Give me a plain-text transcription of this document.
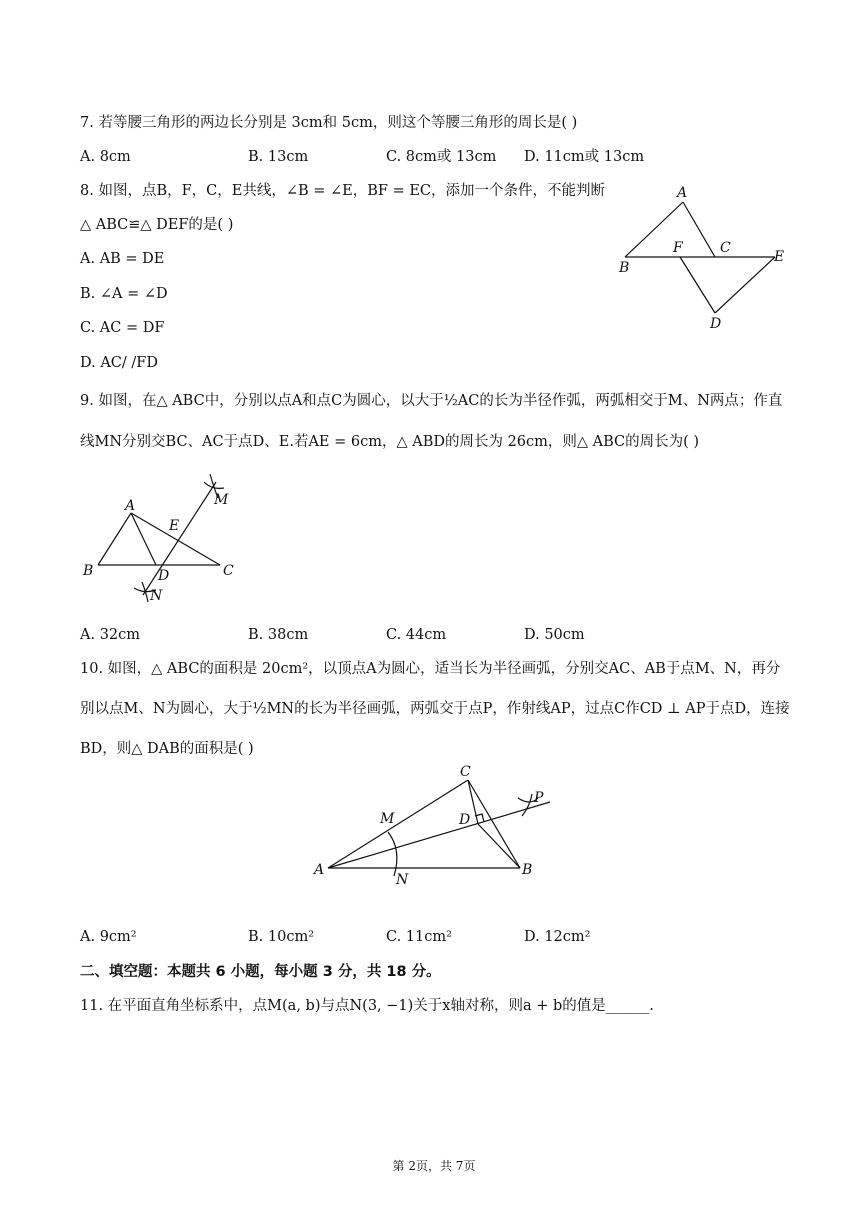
7. 若等腰三角形的两边长分别是 3cm和 5cm，则这个等腰三角形的周长是( )
A. 8cm	B. 13cm	C. 8cm或 13cm D. 11cm或 13cm
8. 如图，点B，F，C，E共线，∠B = ∠E，BF = EC，添加一个条件，不能判断
△ ABC≌△ DEF的是( )
A. AB = DE
B. ∠A = ∠D
C. AC = DF
D. AC/ /FD
A
B
F	C
E
D
9. 如图，在△ ABC中，分别以点A和点C为圆心，以大于½AC的长为半径作弧，两弧相交于M、N两点；作直
线MN分别交BC、AC于点D、E.若AE = 6cm，△ ABD的周长为 26cm，则△ ABC的周长为( )
A	M
E
B	D	C
N
A. 32cm	B. 38cm	C. 44cm	D. 50cm
10. 如图，△ ABC的面积是 20cm²，以顶点A为圆心，适当长为半径画弧，分别交AC、AB于点M、N，再分
别以点M、N为圆心，大于½MN的长为半径画弧，两弧交于点P，作射线AP，过点C作CD ⊥ AP于点D，连接
BD，则△ DAB的面积是( )
C
P
M	D
A
N
B
A. 9cm²	B. 10cm²	C. 11cm²	D. 12cm²
二、填空题：本题共 6 小题，每小题 3 分，共 18 分。
11. 在平面直角坐标系中，点M(a, b)与点N(3, −1)关于x轴对称，则a + b的值是______.
第 2页，共 7页
